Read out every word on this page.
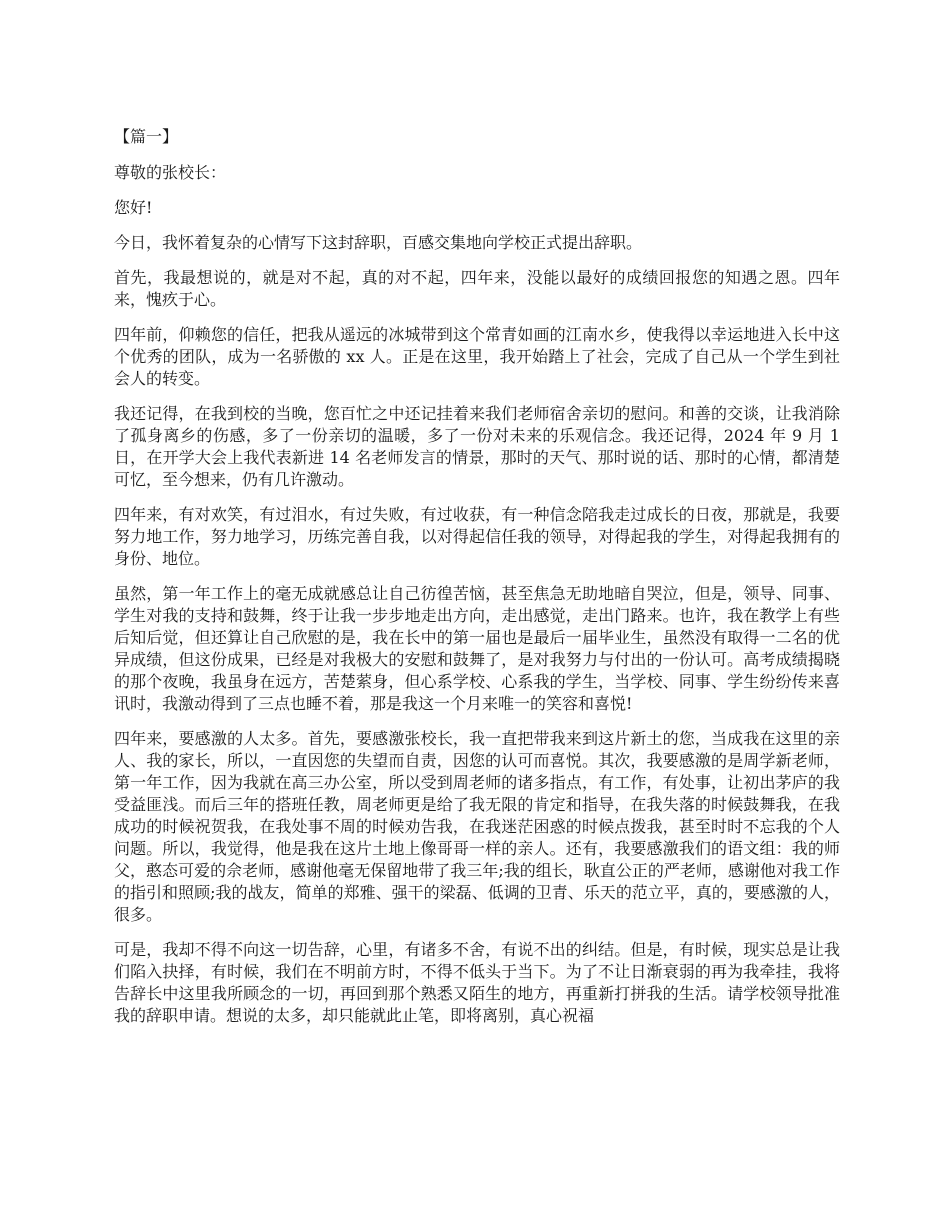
【篇一】

尊敬的张校长：

您好!

今日，我怀着复杂的心情写下这封辞职，百感交集地向学校正式提出辞职。

首先，我最想说的，就是对不起，真的对不起，四年来，没能以最好的成绩回报您的知遇之恩。四年来，愧疚于心。

四年前，仰赖您的信任，把我从遥远的冰城带到这个常青如画的江南水乡，使我得以幸运地进入长中这个优秀的团队，成为一名骄傲的 xx 人。正是在这里，我开始踏上了社会，完成了自己从一个学生到社会人的转变。

我还记得，在我到校的当晚，您百忙之中还记挂着来我们老师宿舍亲切的慰问。和善的交谈，让我消除了孤身离乡的伤感，多了一份亲切的温暖，多了一份对未来的乐观信念。我还记得，2024 年 9 月 1 日，在开学大会上我代表新进 14 名老师发言的情景，那时的天气、那时说的话、那时的心情，都清楚可忆，至今想来，仍有几许激动。

四年来，有对欢笑，有过泪水，有过失败，有过收获，有一种信念陪我走过成长的日夜，那就是，我要努力地工作，努力地学习，历练完善自我，以对得起信任我的领导，对得起我的学生，对得起我拥有的身份、地位。

虽然，第一年工作上的毫无成就感总让自己彷徨苦恼，甚至焦急无助地暗自哭泣，但是，领导、同事、学生对我的支持和鼓舞，终于让我一步步地走出方向，走出感觉，走出门路来。也许，我在教学上有些后知后觉，但还算让自己欣慰的是，我在长中的第一届也是最后一届毕业生，虽然没有取得一二名的优异成绩，但这份成果，已经是对我极大的安慰和鼓舞了，是对我努力与付出的一份认可。高考成绩揭晓的那个夜晚，我虽身在远方，苦楚萦身，但心系学校、心系我的学生，当学校、同事、学生纷纷传来喜讯时，我激动得到了三点也睡不着，那是我这一个月来唯一的笑容和喜悦!

四年来，要感激的人太多。首先，要感激张校长，我一直把带我来到这片新土的您，当成我在这里的亲人、我的家长，所以，一直因您的失望而自责，因您的认可而喜悦。其次，我要感激的是周学新老师，第一年工作，因为我就在高三办公室，所以受到周老师的诸多指点，有工作，有处事，让初出茅庐的我受益匪浅。而后三年的搭班任教，周老师更是给了我无限的肯定和指导，在我失落的时候鼓舞我，在我成功的时候祝贺我，在我处事不周的时候劝告我，在我迷茫困惑的时候点拨我，甚至时时不忘我的个人问题。所以，我觉得，他是我在这片土地上像哥哥一样的亲人。还有，我要感激我们的语文组：我的师父，憨态可爱的佘老师，感谢他毫无保留地带了我三年;我的组长，耿直公正的严老师，感谢他对我工作的指引和照顾;我的战友，简单的郑雅、强干的梁磊、低调的卫青、乐天的范立平，真的，要感激的人，很多。

可是，我却不得不向这一切告辞，心里，有诸多不舍，有说不出的纠结。但是，有时候，现实总是让我们陷入抉择，有时候，我们在不明前方时，不得不低头于当下。为了不让日渐衰弱的再为我牵挂，我将告辞长中这里我所顾念的一切，再回到那个熟悉又陌生的地方，再重新打拼我的生活。请学校领导批准我的辞职申请。想说的太多，却只能就此止笔，即将离别，真心祝福
